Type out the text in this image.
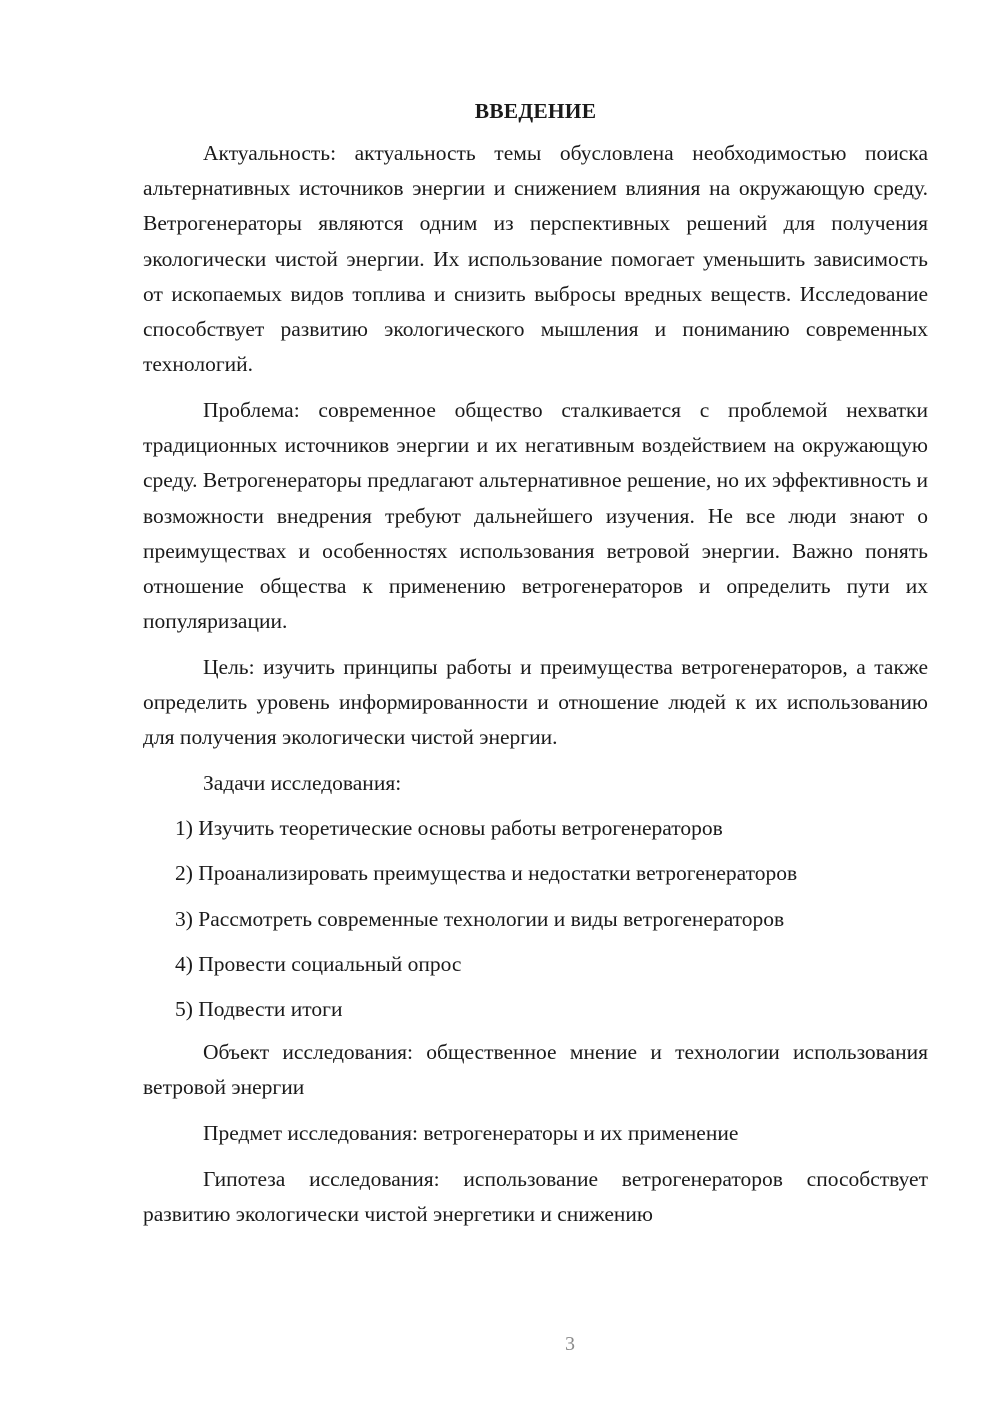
ВВЕДЕНИЕ

Актуальность: актуальность темы обусловлена необходимостью поиска альтернативных источников энергии и снижением влияния на окружающую среду. Ветрогенераторы являются одним из перспективных решений для получения экологически чистой энергии. Их использование помогает уменьшить зависимость от ископаемых видов топлива и снизить выбросы вредных веществ. Исследование способствует развитию экологического мышления и пониманию современных технологий.

Проблема: современное общество сталкивается с проблемой нехватки традиционных источников энергии и их негативным воздействием на окружающую среду. Ветрогенераторы предлагают альтернативное решение, но их эффективность и возможности внедрения требуют дальнейшего изучения. Не все люди знают о преимуществах и особенностях использования ветровой энергии. Важно понять отношение общества к применению ветрогенераторов и определить пути их популяризации.

Цель: изучить принципы работы и преимущества ветрогенераторов, а также определить уровень информированности и отношение людей к их использованию для получения экологически чистой энергии.

Задачи исследования:

1) Изучить теоретические основы работы ветрогенераторов

2) Проанализировать преимущества и недостатки ветрогенераторов

3) Рассмотреть современные технологии и виды ветрогенераторов

4) Провести социальный опрос

5) Подвести итоги

Объект исследования: общественное мнение и технологии использования ветровой энергии

Предмет исследования: ветрогенераторы и их применение

Гипотеза исследования: использование ветрогенераторов способствует развитию экологически чистой энергетики и снижению

3
